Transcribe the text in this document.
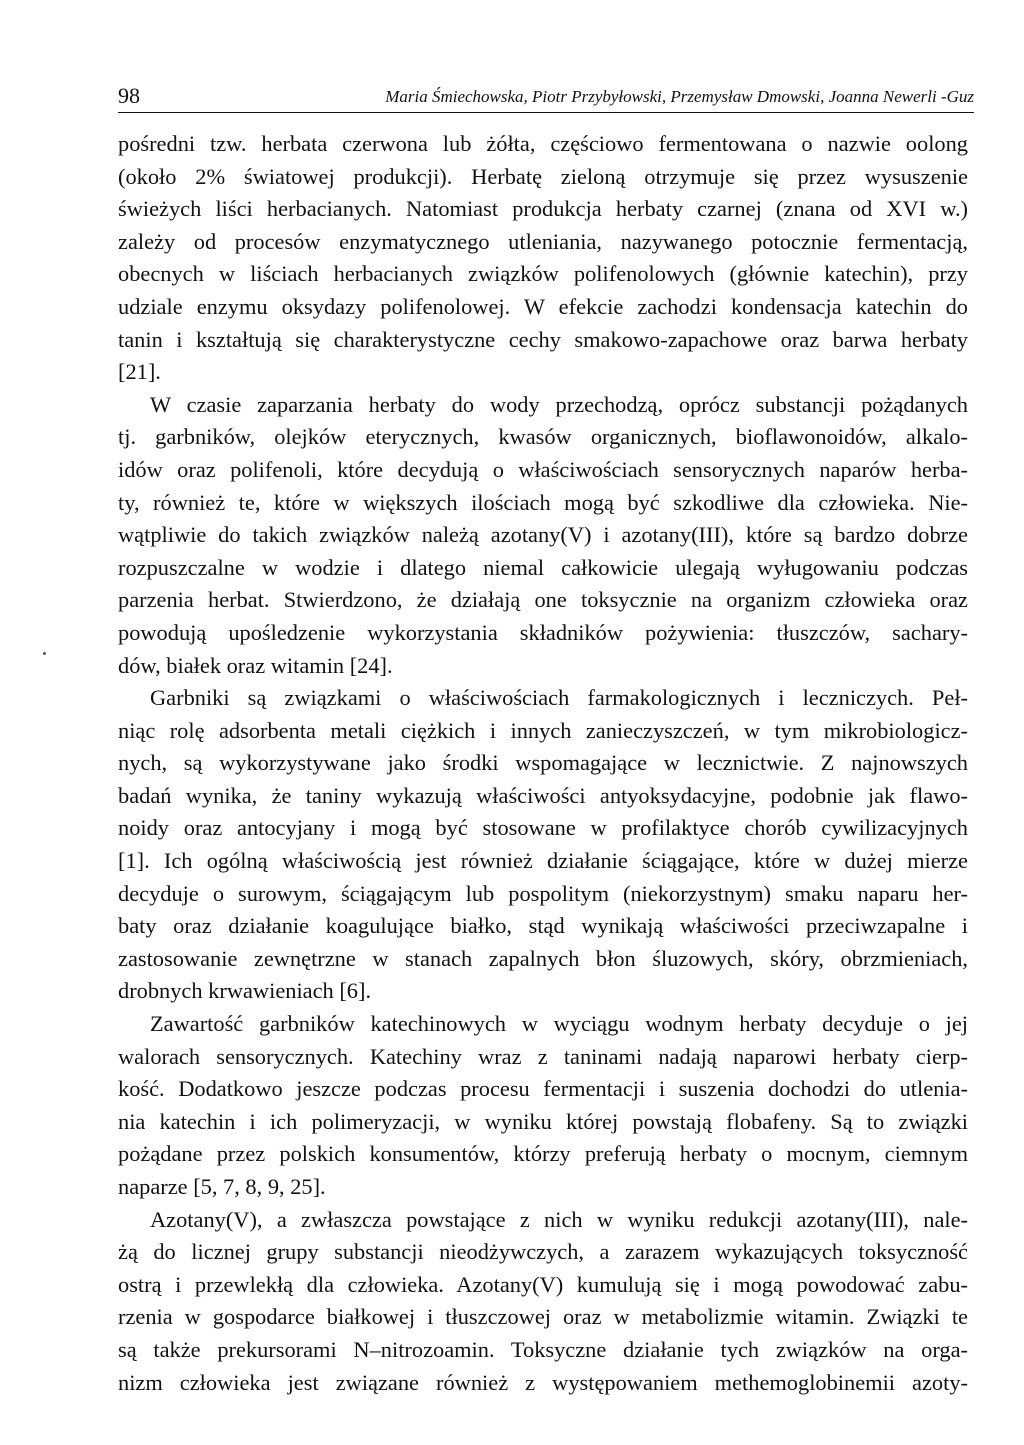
98	Maria Śmiechowska, Piotr Przybyłowski, Przemysław Dmowski, Joanna Newerli -Guz
pośredni tzw. herbata czerwona lub żółta, częściowo fermentowana o nazwie oolong
(około 2% światowej produkcji). Herbatę zieloną otrzymuje się przez wysuszenie
świeżych liści herbacianych. Natomiast produkcja herbaty czarnej (znana od XVI w.)
zależy od procesów enzymatycznego utleniania, nazywanego potocznie fermentacją,
obecnych w liściach herbacianych związków polifenolowych (głównie katechin), przy
udziale enzymu oksydazy polifenolowej. W efekcie zachodzi kondensacja katechin do
tanin i kształtują się charakterystyczne cechy smakowo-zapachowe oraz barwa herbaty
[21].
W czasie zaparzania herbaty do wody przechodzą, oprócz substancji pożądanych
tj. garbników, olejków eterycznych, kwasów organicznych, bioflawonoidów, alkalo-
idów oraz polifenoli, które decydują o właściwościach sensorycznych naparów herba-
ty, również te, które w większych ilościach mogą być szkodliwe dla człowieka. Nie-
wątpliwie do takich związków należą azotany(V) i azotany(III), które są bardzo dobrze
rozpuszczalne w wodzie i dlatego niemal całkowicie ulegają wyługowaniu podczas
parzenia herbat. Stwierdzono, że działają one toksycznie na organizm człowieka oraz
powodują upośledzenie wykorzystania składników pożywienia: tłuszczów, sachary-
dów, białek oraz witamin [24].
Garbniki są związkami o właściwościach farmakologicznych i leczniczych. Peł-
niąc rolę adsorbenta metali ciężkich i innych zanieczyszczeń, w tym mikrobiologicz-
nych, są wykorzystywane jako środki wspomagające w lecznictwie. Z najnowszych
badań wynika, że taniny wykazują właściwości antyoksydacyjne, podobnie jak flawo-
noidy oraz antocyjany i mogą być stosowane w profilaktyce chorób cywilizacyjnych
[1]. Ich ogólną właściwością jest również działanie ściągające, które w dużej mierze
decyduje o surowym, ściągającym lub pospolitym (niekorzystnym) smaku naparu her-
baty oraz działanie koagulujące białko, stąd wynikają właściwości przeciwzapalne i
zastosowanie zewnętrzne w stanach zapalnych błon śluzowych, skóry, obrzmieniach,
drobnych krwawieniach [6].
Zawartość garbników katechinowych w wyciągu wodnym herbaty decyduje o jej
walorach sensorycznych. Katechiny wraz z taninami nadają naparowi herbaty cierp-
kość. Dodatkowo jeszcze podczas procesu fermentacji i suszenia dochodzi do utlenia-
nia katechin i ich polimeryzacji, w wyniku której powstają flobafeny. Są to związki
pożądane przez polskich konsumentów, którzy preferują herbaty o mocnym, ciemnym
naparze [5, 7, 8, 9, 25].
Azotany(V), a zwłaszcza powstające z nich w wyniku redukcji azotany(III), nale-
żą do licznej grupy substancji nieodżywczych, a zarazem wykazujących toksyczność
ostrą i przewlekłą dla człowieka. Azotany(V) kumulują się i mogą powodować zabu-
rzenia w gospodarce białkowej i tłuszczowej oraz w metabolizmie witamin. Związki te
są także prekursorami N–nitrozoamin. Toksyczne działanie tych związków na orga-
nizm człowieka jest związane również z występowaniem methemoglobinemii azoty-
